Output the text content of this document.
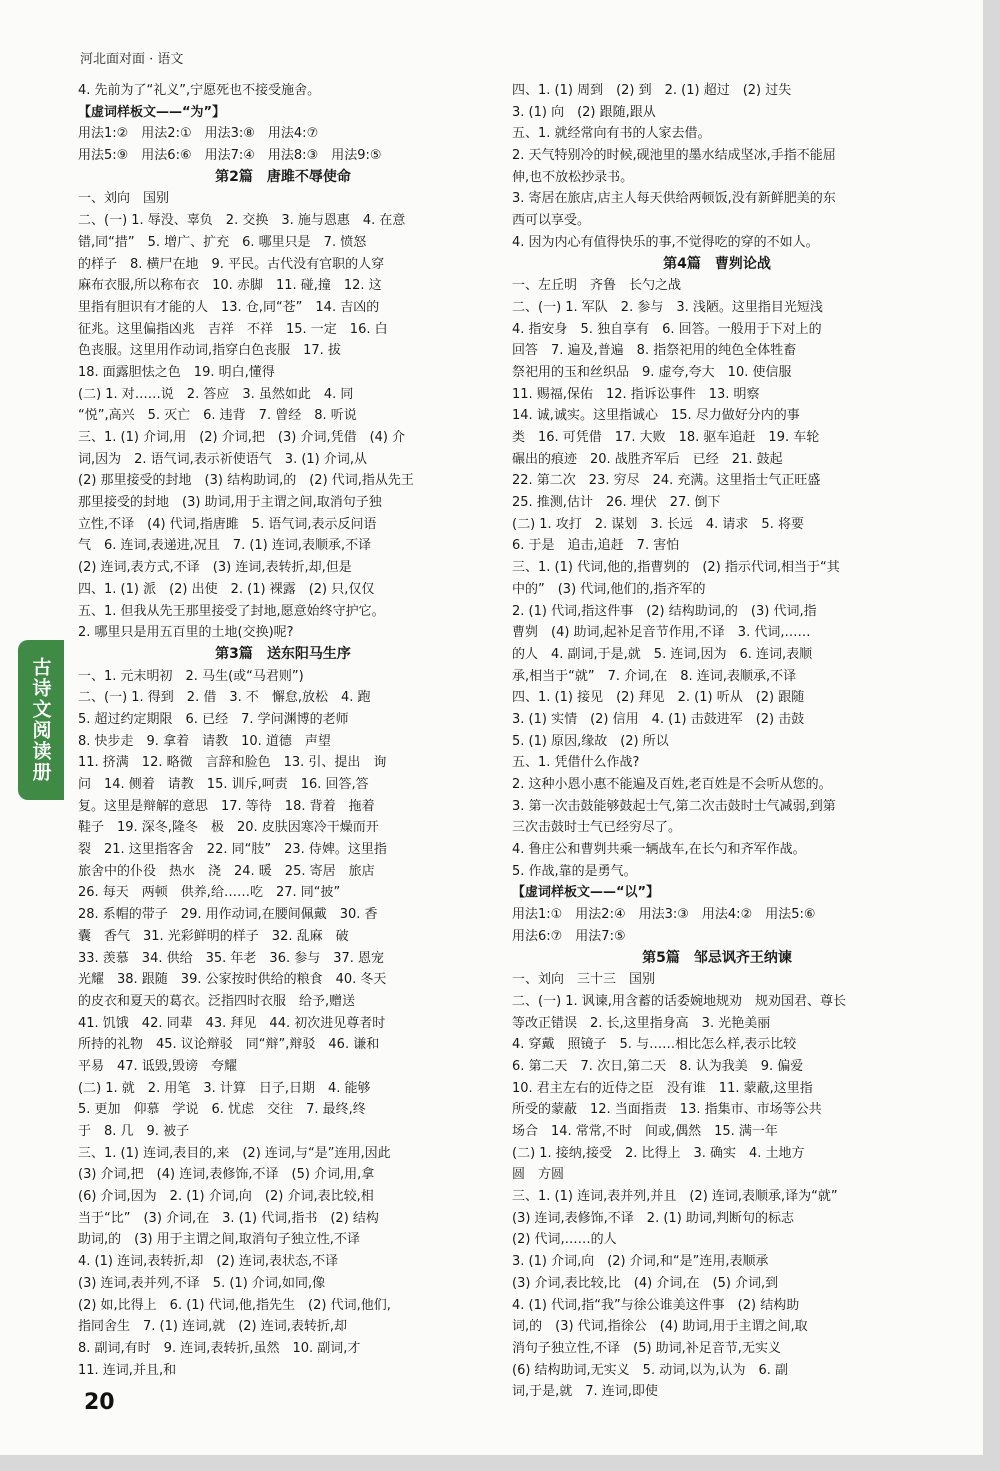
河北面对面 · 语文
4. 先前为了“礼义”,宁愿死也不接受施舍。
【虚词样板文——“为”】
用法1:②　用法2:①　用法3:⑧　用法4:⑦
用法5:⑨　用法6:⑥　用法7:④　用法8:③　用法9:⑤
第2篇　唐雎不辱使命
一、刘向　国别
二、(一) 1. 辱没、辜负　2. 交换　3. 施与恩惠　4. 在意
错,同“措”　5. 增广、扩充　6. 哪里只是　7. 愤怒
的样子　8. 横尸在地　9. 平民。古代没有官职的人穿
麻布衣服,所以称布衣　10. 赤脚　11. 碰,撞　12. 这
里指有胆识有才能的人　13. 仓,同“苍”　14. 吉凶的
征兆。这里偏指凶兆　吉祥　不祥　15. 一定　16. 白
色丧服。这里用作动词,指穿白色丧服　17. 拔
18. 面露胆怯之色　19. 明白,懂得
(二) 1. 对……说　2. 答应　3. 虽然如此　4. 同
“悦”,高兴　5. 灭亡　6. 违背　7. 曾经　8. 听说
三、1. (1) 介词,用　(2) 介词,把　(3) 介词,凭借　(4) 介
词,因为　2. 语气词,表示祈使语气　3. (1) 介词,从
(2) 那里接受的封地　(3) 结构助词,的　(2) 代词,指从先王
那里接受的封地　(3) 助词,用于主谓之间,取消句子独
立性,不译　(4) 代词,指唐雎　5. 语气词,表示反问语
气　6. 连词,表递进,况且　7. (1) 连词,表顺承,不译
(2) 连词,表方式,不译　(3) 连词,表转折,却,但是
四、1. (1) 派　(2) 出使　2. (1) 裸露　(2) 只,仅仅
五、1. 但我从先王那里接受了封地,愿意始终守护它。
2. 哪里只是用五百里的土地(交换)呢?
第3篇　送东阳马生序
一、1. 元末明初　2. 马生(或“马君则”)
二、(一) 1. 得到　2. 借　3. 不　懈怠,放松　4. 跑
5. 超过约定期限　6. 已经　7. 学问渊博的老师
8. 快步走　9. 拿着　请教　10. 道德　声望
11. 挤满　12. 略微　言辞和脸色　13. 引、提出　询
问　14. 侧着　请教　15. 训斥,呵责　16. 回答,答
复。这里是辩解的意思　17. 等待　18. 背着　拖着
鞋子　19. 深冬,隆冬　极　20. 皮肤因寒冷干燥而开
裂　21. 这里指客舍　22. 同“肢”　23. 侍婢。这里指
旅舍中的仆役　热水　浇　24. 暖　25. 寄居　旅店
26. 每天　两顿　供养,给……吃　27. 同“披”
28. 系帽的带子　29. 用作动词,在腰间佩戴　30. 香
囊　香气　31. 光彩鲜明的样子　32. 乱麻　破
33. 羡慕　34. 供给　35. 年老　36. 参与　37. 恩宠
光耀　38. 跟随　39. 公家按时供给的粮食　40. 冬天
的皮衣和夏天的葛衣。泛指四时衣服　给予,赠送
41. 饥饿　42. 同辈　43. 拜见　44. 初次进见尊者时
所持的礼物　45. 议论辩驳　同“辩”,辩驳　46. 谦和
平易　47. 诋毁,毁谤　夸耀
(二) 1. 就　2. 用笔　3. 计算　日子,日期　4. 能够
5. 更加　仰慕　学说　6. 忧虑　交往　7. 最终,终
于　8. 几　9. 被子
三、1. (1) 连词,表目的,来　(2) 连词,与“是”连用,因此
(3) 介词,把　(4) 连词,表修饰,不译　(5) 介词,用,拿
(6) 介词,因为　2. (1) 介词,向　(2) 介词,表比较,相
当于“比”　(3) 介词,在　3. (1) 代词,指书　(2) 结构
助词,的　(3) 用于主谓之间,取消句子独立性,不译
4. (1) 连词,表转折,却　(2) 连词,表状态,不译
(3) 连词,表并列,不译　5. (1) 介词,如同,像
(2) 如,比得上　6. (1) 代词,他,指先生　(2) 代词,他们,
指同舍生　7. (1) 连词,就　(2) 连词,表转折,却
8. 副词,有时　9. 连词,表转折,虽然　10. 副词,才
11. 连词,并且,和
四、1. (1) 周到　(2) 到　2. (1) 超过　(2) 过失
3. (1) 向　(2) 跟随,跟从
五、1. 就经常向有书的人家去借。
2. 天气特别冷的时候,砚池里的墨水结成坚冰,手指不能屈
伸,也不放松抄录书。
3. 寄居在旅店,店主人每天供给两顿饭,没有新鲜肥美的东
西可以享受。
4. 因为内心有值得快乐的事,不觉得吃的穿的不如人。
第4篇　曹刿论战
一、左丘明　齐鲁　长勺之战
二、(一) 1. 军队　2. 参与　3. 浅陋。这里指目光短浅
4. 指安身　5. 独自享有　6. 回答。一般用于下对上的
回答　7. 遍及,普遍　8. 指祭祀用的纯色全体牲畜
祭祀用的玉和丝织品　9. 虚夸,夸大　10. 使信服
11. 赐福,保佑　12. 指诉讼事件　13. 明察
14. 诚,诚实。这里指诚心　15. 尽力做好分内的事
类　16. 可凭借　17. 大败　18. 驱车追赶　19. 车轮
碾出的痕迹　20. 战胜齐军后　已经　21. 鼓起
22. 第二次　23. 穷尽　24. 充满。这里指士气正旺盛
25. 推测,估计　26. 埋伏　27. 倒下
(二) 1. 攻打　2. 谋划　3. 长远　4. 请求　5. 将要
6. 于是　追击,追赶　7. 害怕
三、1. (1) 代词,他的,指曹刿的　(2) 指示代词,相当于“其
中的”　(3) 代词,他们的,指齐军的
2. (1) 代词,指这件事　(2) 结构助词,的　(3) 代词,指
曹刿　(4) 助词,起补足音节作用,不译　3. 代词,……
的人　4. 副词,于是,就　5. 连词,因为　6. 连词,表顺
承,相当于“就”　7. 介词,在　8. 连词,表顺承,不译
四、1. (1) 接见　(2) 拜见　2. (1) 听从　(2) 跟随
3. (1) 实情　(2) 信用　4. (1) 击鼓进军　(2) 击鼓
5. (1) 原因,缘故　(2) 所以
五、1. 凭借什么作战?
2. 这种小恩小惠不能遍及百姓,老百姓是不会听从您的。
3. 第一次击鼓能够鼓起士气,第二次击鼓时士气减弱,到第
三次击鼓时士气已经穷尽了。
4. 鲁庄公和曹刿共乘一辆战车,在长勺和齐军作战。
5. 作战,靠的是勇气。
【虚词样板文——“以”】
用法1:①　用法2:④　用法3:③　用法4:②　用法5:⑥
用法6:⑦　用法7:⑤
第5篇　邹忌讽齐王纳谏
一、刘向　三十三　国别
二、(一) 1. 讽谏,用含蓄的话委婉地规劝　规劝国君、尊长
等改正错误　2. 长,这里指身高　3. 光艳美丽
4. 穿戴　照镜子　5. 与……相比怎么样,表示比较
6. 第二天　7. 次日,第二天　8. 认为我美　9. 偏爱
10. 君主左右的近侍之臣　没有谁　11. 蒙蔽,这里指
所受的蒙蔽　12. 当面指责　13. 指集市、市场等公共
场合　14. 常常,不时　间或,偶然　15. 满一年
(二) 1. 接纳,接受　2. 比得上　3. 确实　4. 土地方
圆　方圆
三、1. (1) 连词,表并列,并且　(2) 连词,表顺承,译为“就”
(3) 连词,表修饰,不译　2. (1) 助词,判断句的标志
(2) 代词,……的人
3. (1) 介词,向　(2) 介词,和“是”连用,表顺承
(3) 介词,表比较,比　(4) 介词,在　(5) 介词,到
4. (1) 代词,指“我”与徐公谁美这件事　(2) 结构助
词,的　(3) 代词,指徐公　(4) 助词,用于主谓之间,取
消句子独立性,不译　(5) 助词,补足音节,无实义
(6) 结构助词,无实义　5. 动词,以为,认为　6. 副
词,于是,就　7. 连词,即使
古诗文阅读册
20
